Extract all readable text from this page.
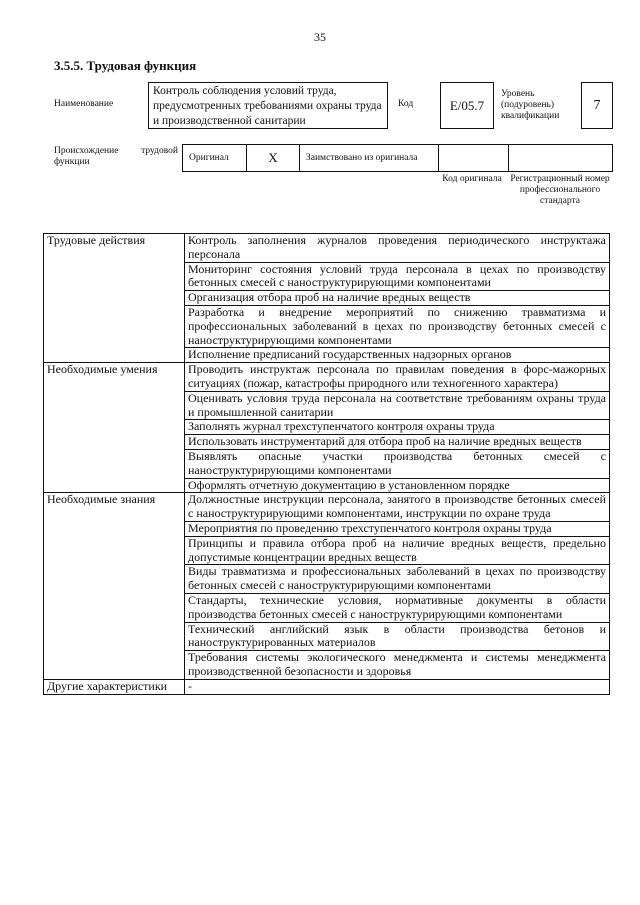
35
3.5.5. Трудовая функция
Наименование
Контроль соблюдения условий труда, предусмотренных требованиями охраны труда и производственной санитарии
Код	E/05.7
Уровень (подуровень) квалификации
7
Происхождение трудовой функции	Оригинал	X	Заимствовано из оригинала
Код оригинала Регистрационный номер профессионального стандарта
Трудовые действия	Контроль заполнения журналов проведения периодического инструктажа персонала
	Мониторинг состояния условий труда персонала в цехах по производству бетонных смесей с наноструктурирующими компонентами
	Организация отбора проб на наличие вредных веществ
	Разработка и внедрение мероприятий по снижению травматизма и профессиональных заболеваний в цехах по производству бетонных смесей с наноструктурирующими компонентами
	Исполнение предписаний государственных надзорных органов
Необходимые умения	Проводить инструктаж персонала по правилам поведения в форс-мажорных ситуациях (пожар, катастрофы природного или техногенного характера)
	Оценивать условия труда персонала на соответствие требованиям охраны труда и промышленной санитарии
	Заполнять журнал трехступенчатого контроля охраны труда
	Использовать инструментарий для отбора проб на наличие вредных веществ
	Выявлять опасные участки производства бетонных смесей с наноструктурирующими компонентами
	Оформлять отчетную документацию в установленном порядке
Необходимые знания	Должностные инструкции персонала, занятого в производстве бетонных смесей с наноструктурирующими компонентами, инструкции по охране труда
	Мероприятия по проведению трехступенчатого контроля охраны труда
	Принципы и правила отбора проб на наличие вредных веществ, предельно допустимые концентрации вредных веществ
	Виды травматизма и профессиональных заболеваний в цехах по производству бетонных смесей с наноструктурирующими компонентами
	Стандарты, технические условия, нормативные документы в области производства бетонных смесей с наноструктурирующими компонентами
	Технический английский язык в области производства бетонов и наноструктурированных материалов
	Требования системы экологического менеджмента и системы менеджмента производственной безопасности и здоровья
Другие характеристики	-
